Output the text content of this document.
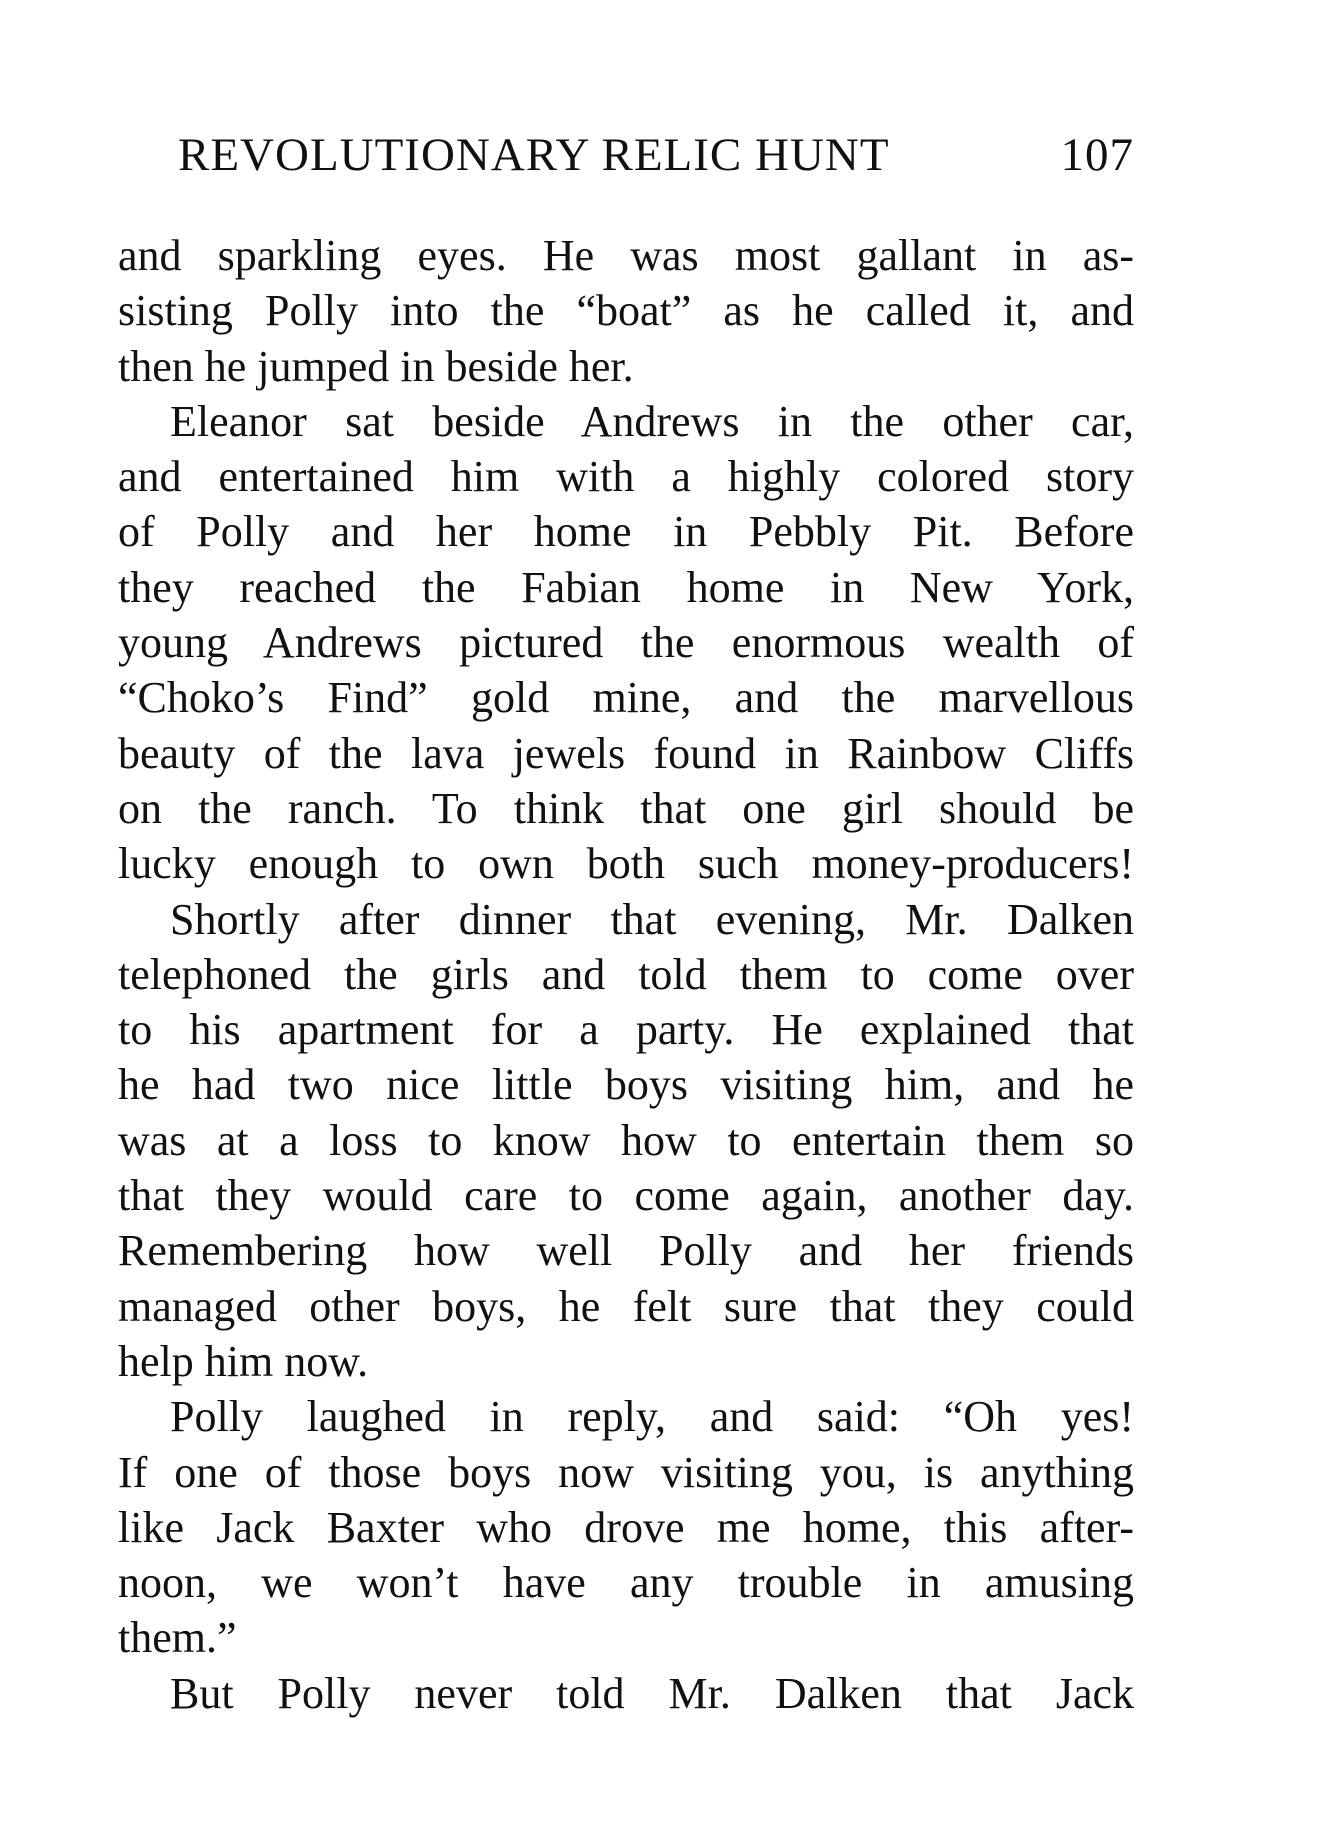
REVOLUTIONARY RELIC HUNT	107
and sparkling eyes. He was most gallant in as-
sisting Polly into the “boat” as he called it, and
then he jumped in beside her.
Eleanor sat beside Andrews in the other car,
and entertained him with a highly colored story
of Polly and her home in Pebbly Pit. Before
they reached the Fabian home in New York,
young Andrews pictured the enormous wealth of
“Choko’s Find” gold mine, and the marvellous
beauty of the lava jewels found in Rainbow Cliffs
on the ranch. To think that one girl should be
lucky enough to own both such money-producers!
Shortly after dinner that evening, Mr. Dalken
telephoned the girls and told them to come over
to his apartment for a party. He explained that
he had two nice little boys visiting him, and he
was at a loss to know how to entertain them so
that they would care to come again, another day.
Remembering how well Polly and her friends
managed other boys, he felt sure that they could
help him now.
Polly laughed in reply, and said: “Oh yes!
If one of those boys now visiting you, is anything
like Jack Baxter who drove me home, this after-
noon, we won’t have any trouble in amusing
them.”
But Polly never told Mr. Dalken that Jack
